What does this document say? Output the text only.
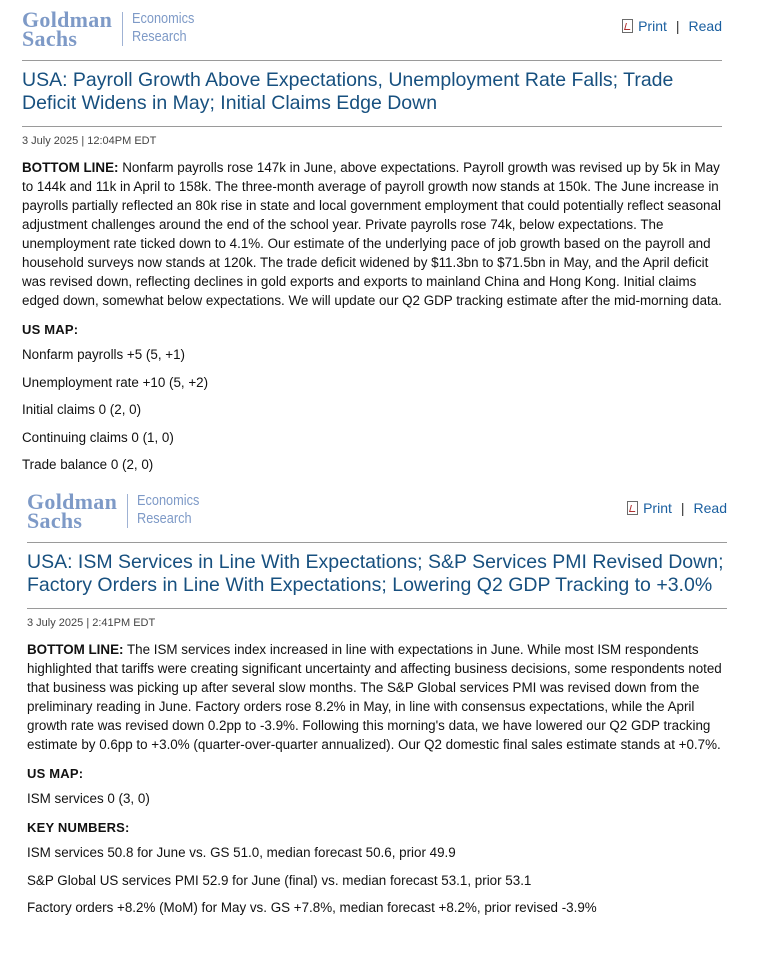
Goldman
Sachs
Economics
Research
Print | Read
USA: Payroll Growth Above Expectations, Unemployment Rate Falls; Trade Deficit Widens in May; Initial Claims Edge Down
3 July 2025 | 12:04PM EDT

BOTTOM LINE: Nonfarm payrolls rose 147k in June, above expectations. Payroll growth was revised up by 5k in May to 144k and 11k in April to 158k. The three-month average of payroll growth now stands at 150k. The June increase in payrolls partially reflected an 80k rise in state and local government employment that could potentially reflect seasonal adjustment challenges around the end of the school year. Private payrolls rose 74k, below expectations. The unemployment rate ticked down to 4.1%. Our estimate of the underlying pace of job growth based on the payroll and household surveys now stands at 120k. The trade deficit widened by $11.3bn to $71.5bn in May, and the April deficit was revised down, reflecting declines in gold exports and exports to mainland China and Hong Kong. Initial claims edged down, somewhat below expectations. We will update our Q2 GDP tracking estimate after the mid-morning data.

US MAP:
Nonfarm payrolls +5 (5, +1)
Unemployment rate +10 (5, +2)
Initial claims 0 (2, 0)
Continuing claims 0 (1, 0)
Trade balance 0 (2, 0)
Goldman
Sachs
Economics
Research
Print | Read
USA: ISM Services in Line With Expectations; S&P Services PMI Revised Down; Factory Orders in Line With Expectations; Lowering Q2 GDP Tracking to +3.0%
3 July 2025 | 2:41PM EDT

BOTTOM LINE: The ISM services index increased in line with expectations in June. While most ISM respondents highlighted that tariffs were creating significant uncertainty and affecting business decisions, some respondents noted that business was picking up after several slow months. The S&P Global services PMI was revised down from the preliminary reading in June. Factory orders rose 8.2% in May, in line with consensus expectations, while the April growth rate was revised down 0.2pp to -3.9%. Following this morning's data, we have lowered our Q2 GDP tracking estimate by 0.6pp to +3.0% (quarter-over-quarter annualized). Our Q2 domestic final sales estimate stands at +0.7%.

US MAP:
ISM services 0 (3, 0)
KEY NUMBERS:
ISM services 50.8 for June vs. GS 51.0, median forecast 50.6, prior 49.9
S&P Global US services PMI 52.9 for June (final) vs. median forecast 53.1, prior 53.1
Factory orders +8.2% (MoM) for May vs. GS +7.8%, median forecast +8.2%, prior revised -3.9%
